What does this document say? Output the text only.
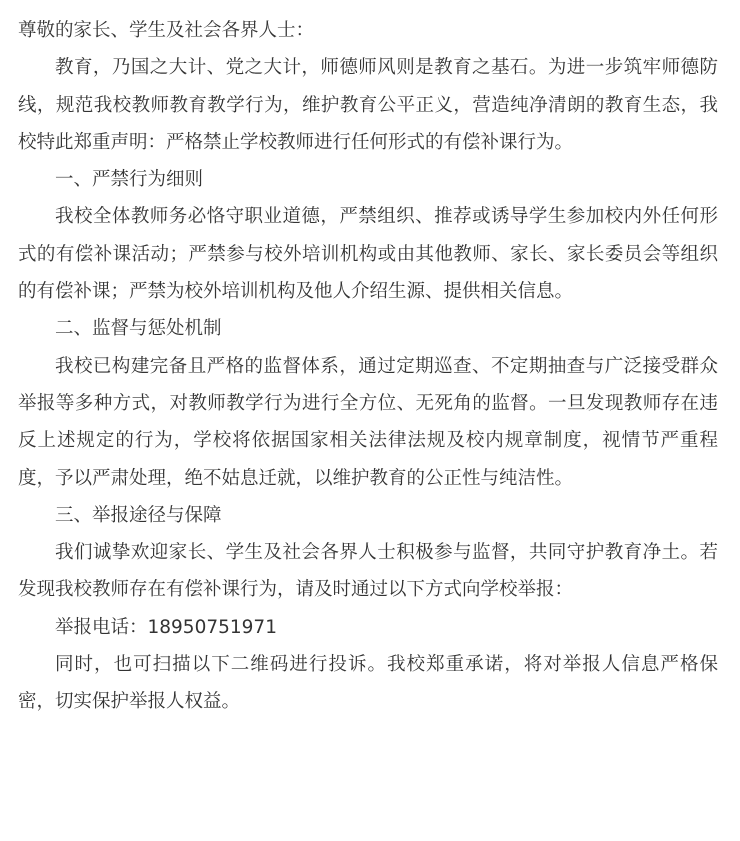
尊敬的家长、学生及社会各界人士：

教育，乃国之大计、党之大计，师德师风则是教育之基石。为进一步筑牢师德防线，规范我校教师教育教学行为，维护教育公平正义，营造纯净清朗的教育生态，我校特此郑重声明：严格禁止学校教师进行任何形式的有偿补课行为。

一、严禁行为细则

我校全体教师务必恪守职业道德，严禁组织、推荐或诱导学生参加校内外任何形式的有偿补课活动；严禁参与校外培训机构或由其他教师、家长、家长委员会等组织的有偿补课；严禁为校外培训机构及他人介绍生源、提供相关信息。

二、监督与惩处机制

我校已构建完备且严格的监督体系，通过定期巡查、不定期抽查与广泛接受群众举报等多种方式，对教师教学行为进行全方位、无死角的监督。一旦发现教师存在违反上述规定的行为，学校将依据国家相关法律法规及校内规章制度，视情节严重程度，予以严肃处理，绝不姑息迁就，以维护教育的公正性与纯洁性。

三、举报途径与保障

我们诚挚欢迎家长、学生及社会各界人士积极参与监督，共同守护教育净土。若发现我校教师存在有偿补课行为，请及时通过以下方式向学校举报：

举报电话：18950751971

同时，也可扫描以下二维码进行投诉。我校郑重承诺，将对举报人信息严格保密，切实保护举报人权益。
